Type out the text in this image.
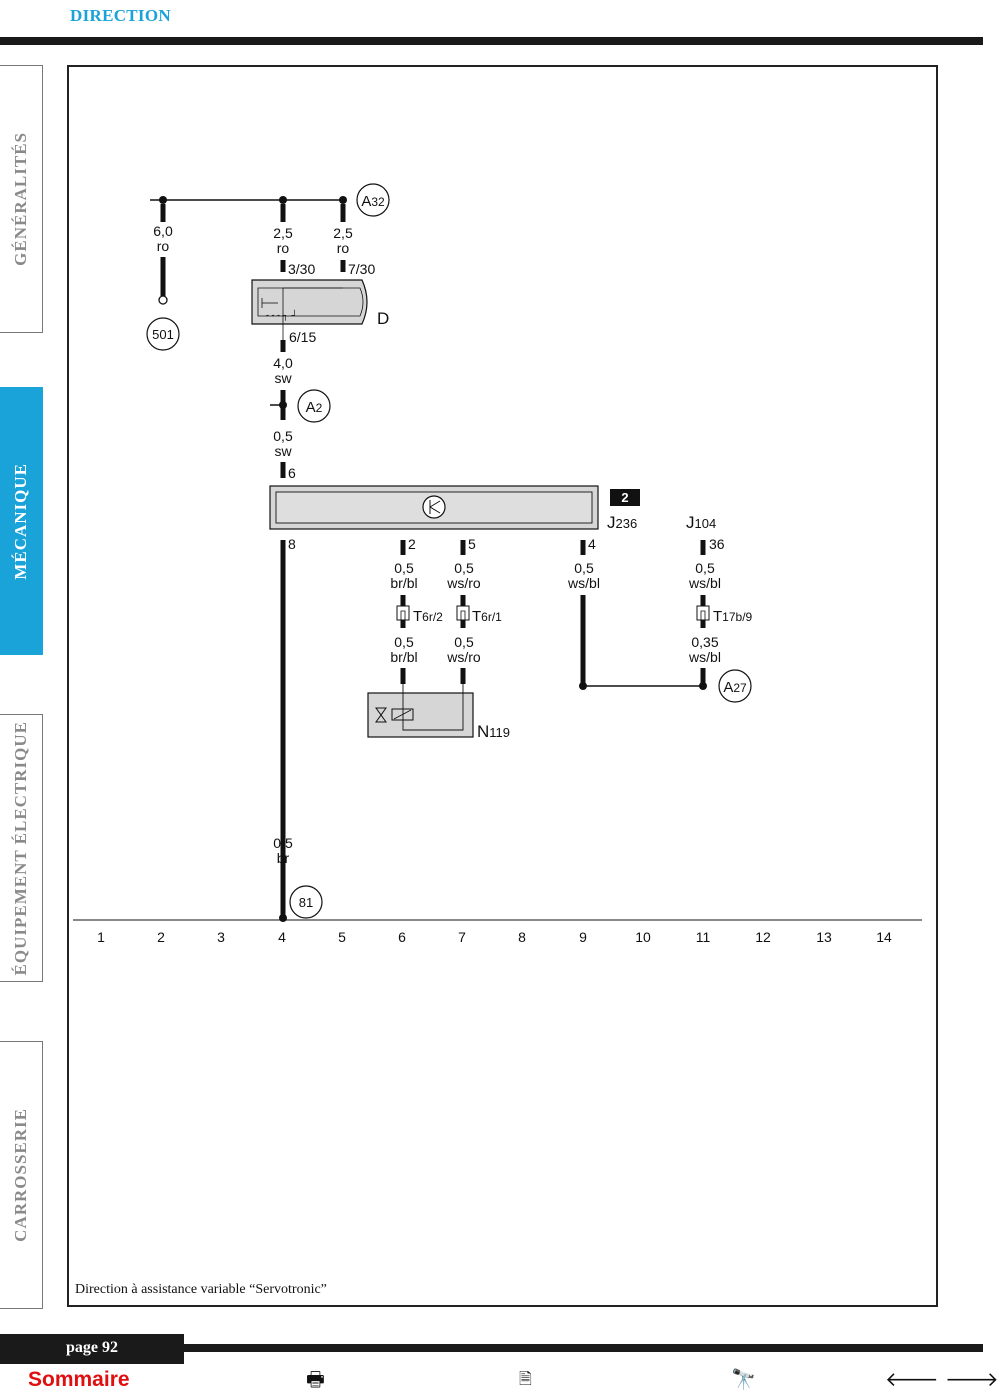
DIRECTION
GÉNÉRALITÉS
MÉCANIQUE
ÉQUIPEMENT ÉLECTRIQUE
CARROSSERIE
- - - ┐ ┘	D
2
J236	J104
N119
T6r/2 T6r/1	T17b/9
A32
A2
A27
501
81
6,0
ro
2,5
ro
2,5
ro
4,0
sw
0,5
sw
0,5
br/bl
0,5
ws/ro
0,5
ws/bl
0,5
ws/bl
0,5
br/bl
0,5
ws/ro
0,35
ws/bl
0,5
br
3/30 7/30
6/15
6
8	2	5	4	36
1	2	3	4	5	6	7	8	9	10	11	12	13	14
Direction à assistance variable “Servotronic”
page 92
Sommaire	🖶	🗎	🔭	🡐 🡒
